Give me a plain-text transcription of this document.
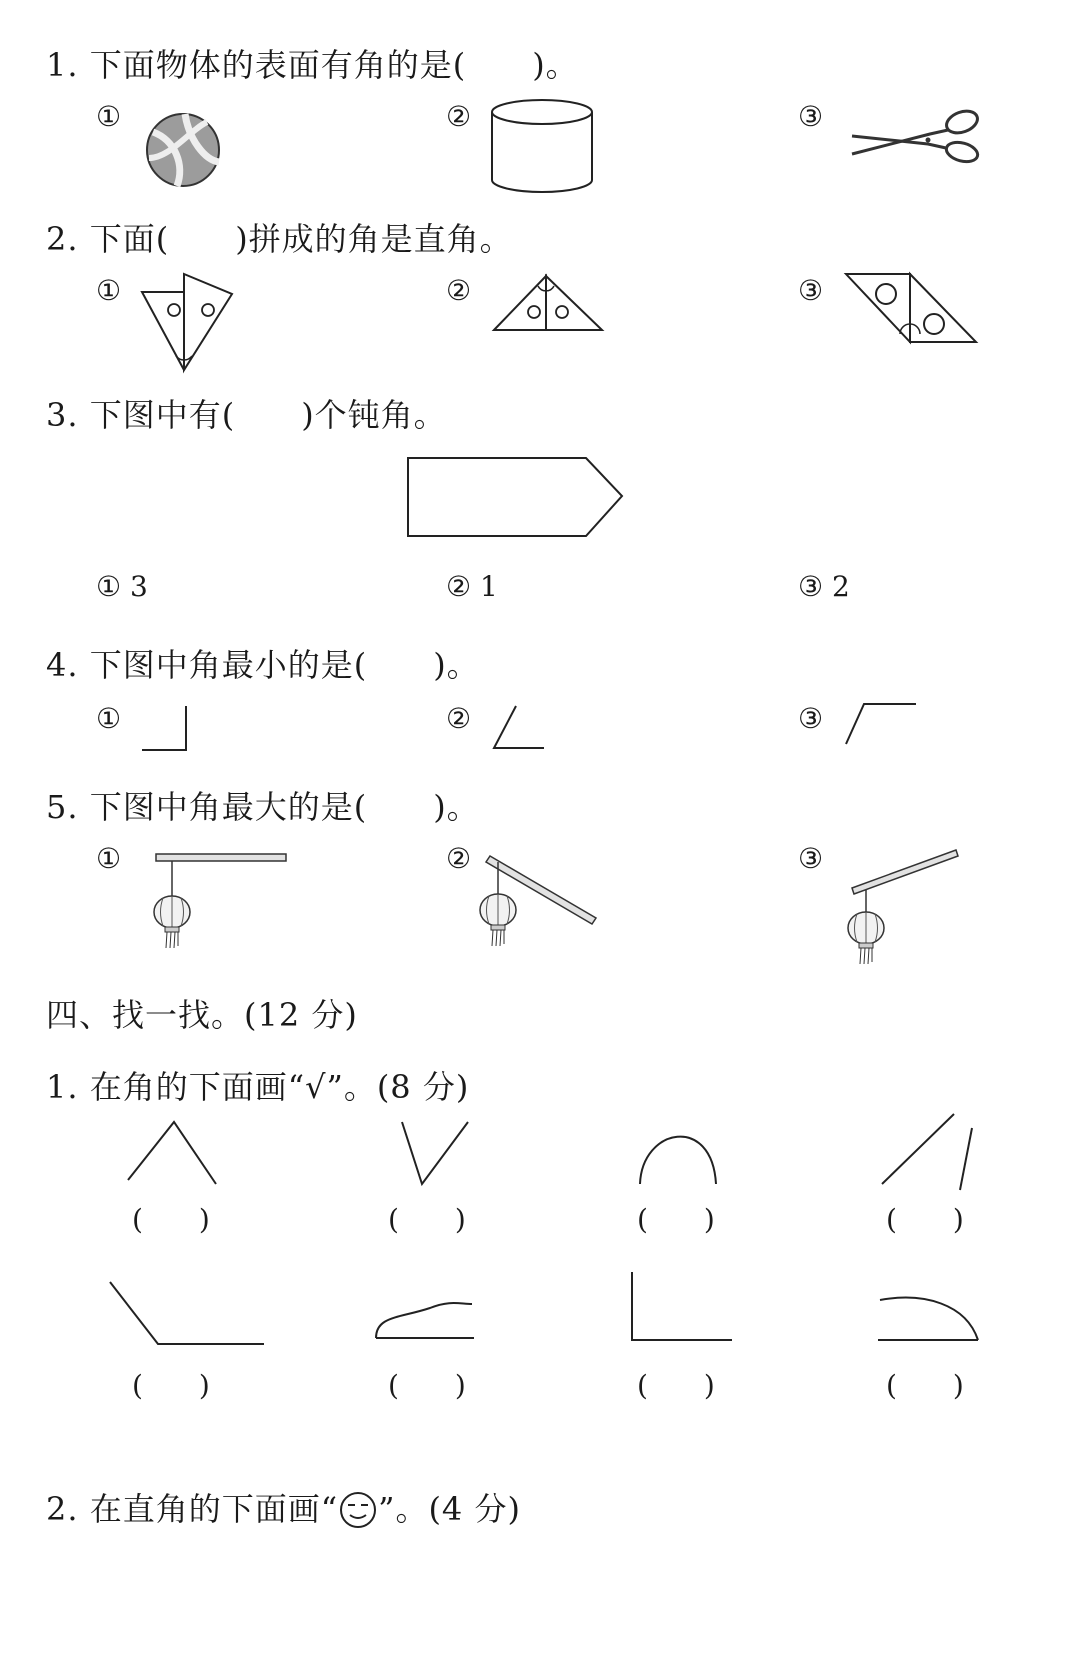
1. 下面物体的表面有角的是(　　)。
①	②	③
2. 下面(　　)拼成的角是直角。
①	②	③
3. 下图中有(　　)个钝角。
① 3	② 1	③ 2
4. 下图中角最小的是(　　)。
①	②	③
5. 下图中角最大的是(　　)。
①	②	③
四、找一找。(12 分)
1. 在角的下面画“√”。(8 分)
(　　)	(　　)	(　　)	(　　)
(　　)	(　　)	(　　)	(　　)
2. 在直角的下面画“ ”。(4 分)
